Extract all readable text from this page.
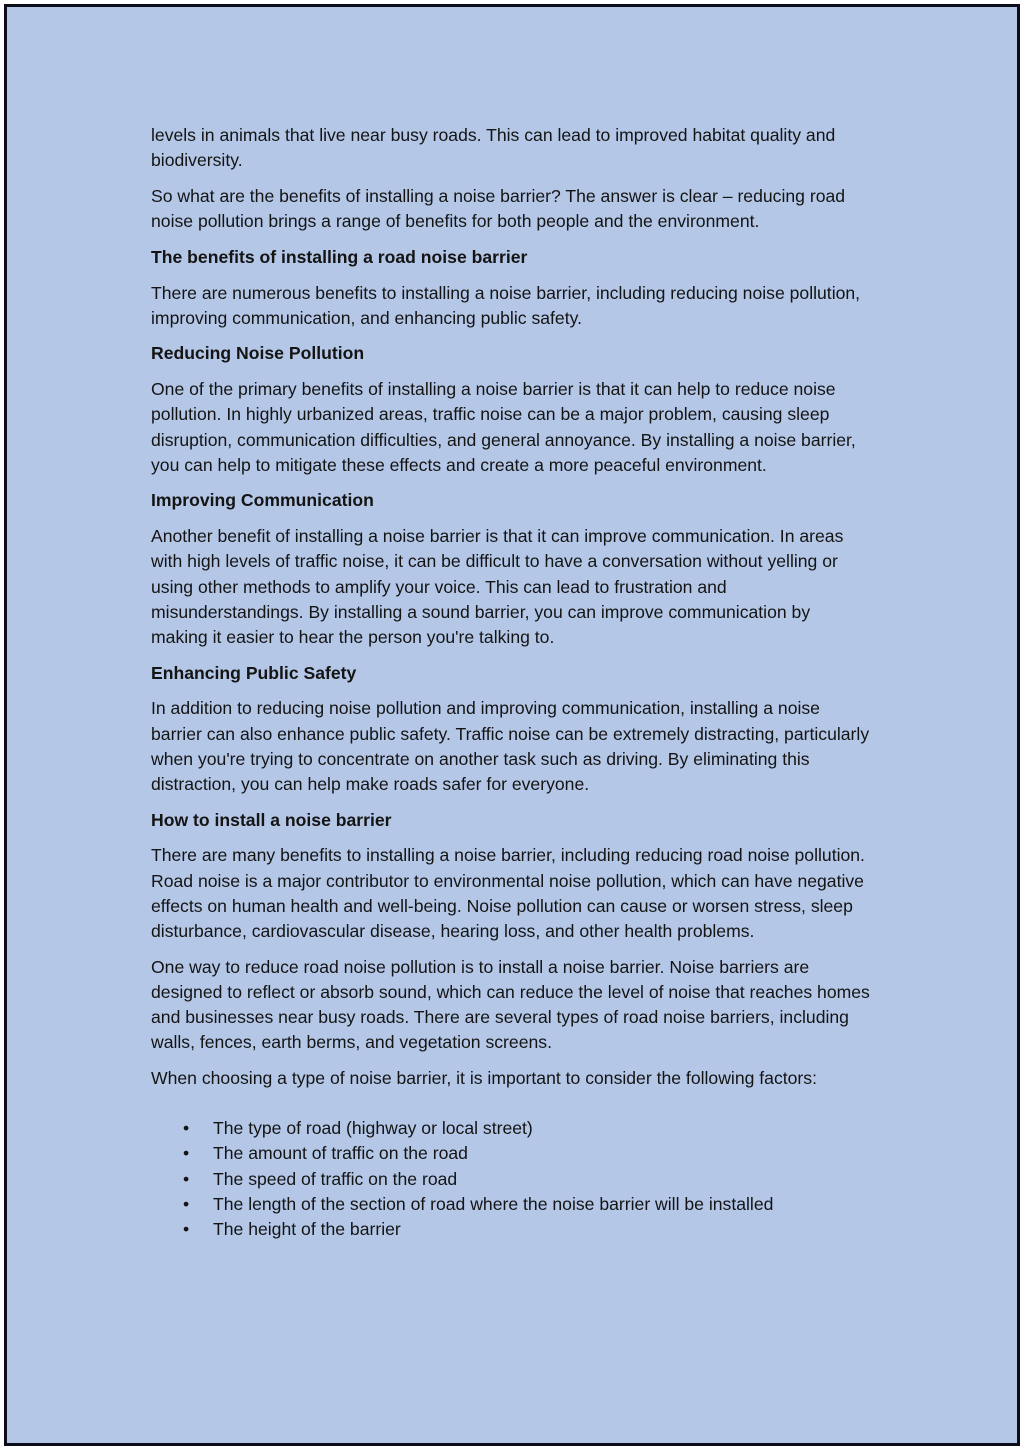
levels in animals that live near busy roads. This can lead to improved habitat quality and biodiversity.

So what are the benefits of installing a noise barrier? The answer is clear – reducing road noise pollution brings a range of benefits for both people and the environment.

The benefits of installing a road noise barrier

There are numerous benefits to installing a noise barrier, including reducing noise pollution, improving communication, and enhancing public safety.

Reducing Noise Pollution

One of the primary benefits of installing a noise barrier is that it can help to reduce noise pollution. In highly urbanized areas, traffic noise can be a major problem, causing sleep disruption, communication difficulties, and general annoyance. By installing a noise barrier, you can help to mitigate these effects and create a more peaceful environment.

Improving Communication

Another benefit of installing a noise barrier is that it can improve communication. In areas with high levels of traffic noise, it can be difficult to have a conversation without yelling or using other methods to amplify your voice. This can lead to frustration and misunderstandings. By installing a sound barrier, you can improve communication by making it easier to hear the person you're talking to.

Enhancing Public Safety

In addition to reducing noise pollution and improving communication, installing a noise barrier can also enhance public safety. Traffic noise can be extremely distracting, particularly when you're trying to concentrate on another task such as driving. By eliminating this distraction, you can help make roads safer for everyone.

How to install a noise barrier

There are many benefits to installing a noise barrier, including reducing road noise pollution. Road noise is a major contributor to environmental noise pollution, which can have negative effects on human health and well-being. Noise pollution can cause or worsen stress, sleep disturbance, cardiovascular disease, hearing loss, and other health problems.

One way to reduce road noise pollution is to install a noise barrier. Noise barriers are designed to reflect or absorb sound, which can reduce the level of noise that reaches homes and businesses near busy roads. There are several types of road noise barriers, including walls, fences, earth berms, and vegetation screens.

When choosing a type of noise barrier, it is important to consider the following factors:

• The type of road (highway or local street)
• The amount of traffic on the road
• The speed of traffic on the road
• The length of the section of road where the noise barrier will be installed
• The height of the barrier
